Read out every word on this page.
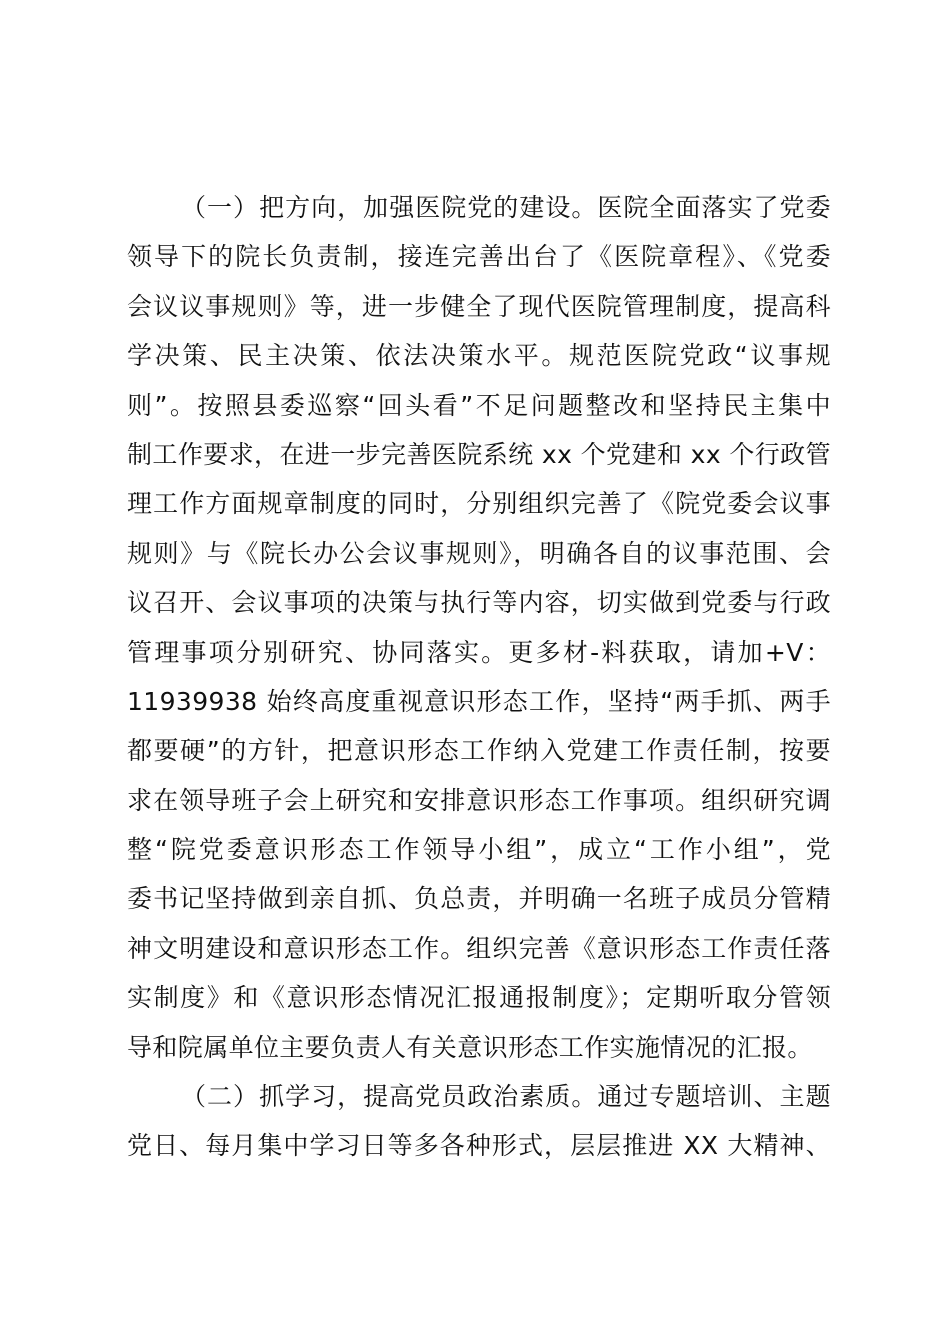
（一）把方向，加强医院党的建设。医院全面落实了党委
领导下的院长负责制，接连完善出台了《医院章程》、《党委
会议议事规则》等，进一步健全了现代医院管理制度，提高科
学决策、民主决策、依法决策水平。规范医院党政“议事规
则”。按照县委巡察“回头看”不足问题整改和坚持民主集中
制工作要求，在进一步完善医院系统 xx 个党建和 xx 个行政管
理工作方面规章制度的同时，分别组织完善了《院党委会议事
规则》与《院长办公会议事规则》，明确各自的议事范围、会
议召开、会议事项的决策与执行等内容，切实做到党委与行政
管理事项分别研究、协同落实。更多材-料获取，请加+V：
11939938 始终高度重视意识形态工作，坚持“两手抓、两手
都要硬”的方针，把意识形态工作纳入党建工作责任制，按要
求在领导班子会上研究和安排意识形态工作事项。组织研究调
整“院党委意识形态工作领导小组”，成立“工作小组”，党
委书记坚持做到亲自抓、负总责，并明确一名班子成员分管精
神文明建设和意识形态工作。组织完善《意识形态工作责任落
实制度》和《意识形态情况汇报通报制度》；定期听取分管领
导和院属单位主要负责人有关意识形态工作实施情况的汇报。
（二）抓学习，提高党员政治素质。通过专题培训、主题
党日、每月集中学习日等多各种形式，层层推进 XX 大精神、
